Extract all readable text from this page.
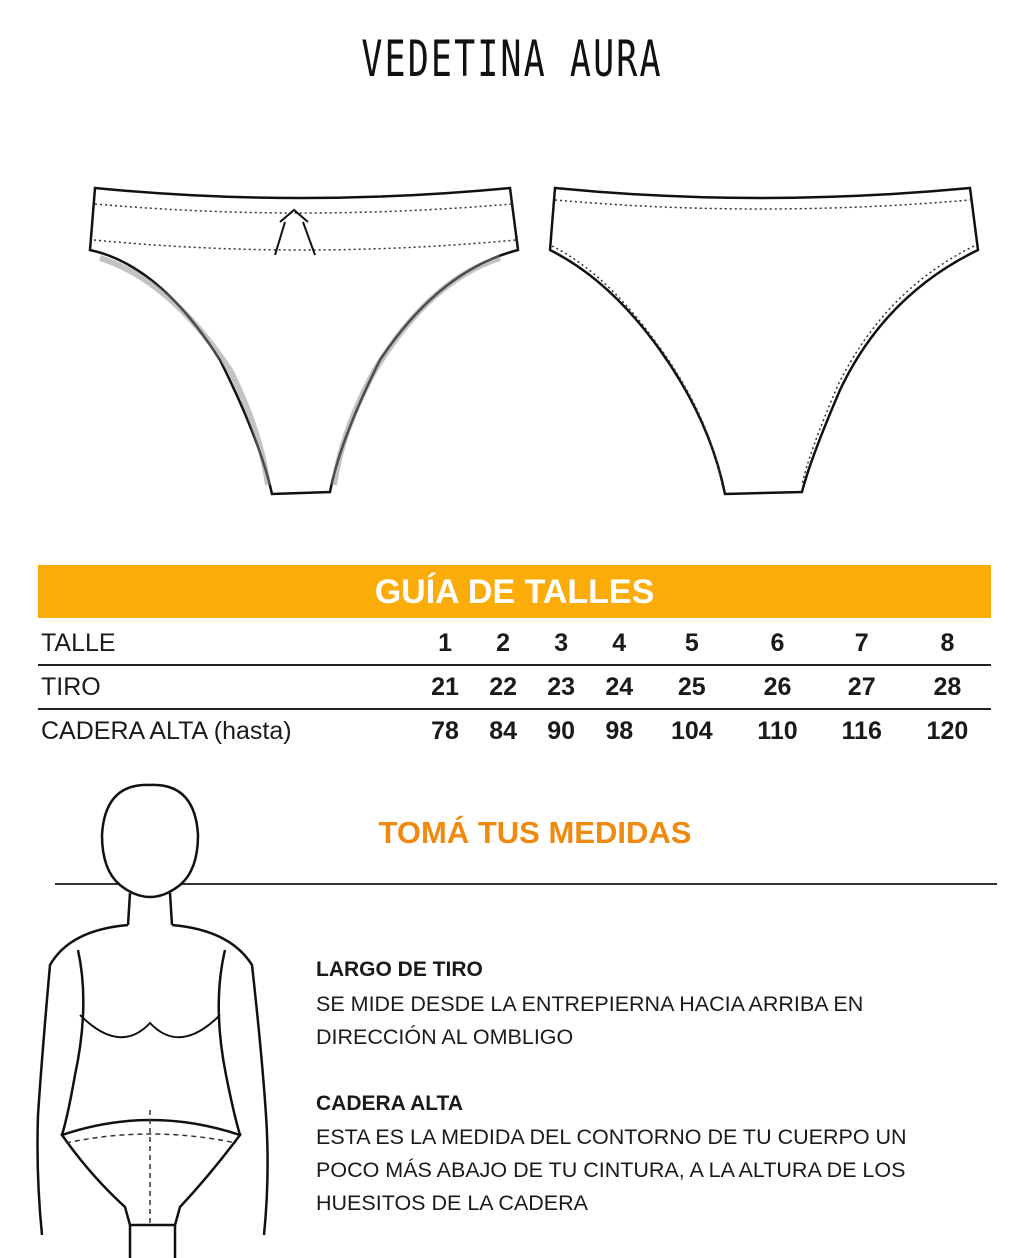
VEDETINA AURA
GUÍA DE TALLES
TALLE	1	2	3	4	5	6	7	8
TIRO	21	22	23	24	25	26	27	28
CADERA ALTA (hasta)	78	84	90	98	104	110	116	120
TOMÁ TUS MEDIDAS
LARGO DE TIRO
SE MIDE DESDE LA ENTREPIERNA HACIA ARRIBA EN
DIRECCIÓN AL OMBLIGO
CADERA ALTA
ESTA ES LA MEDIDA DEL CONTORNO DE TU CUERPO UN
POCO MÁS ABAJO DE TU CINTURA, A LA ALTURA DE LOS
HUESITOS DE LA CADERA
